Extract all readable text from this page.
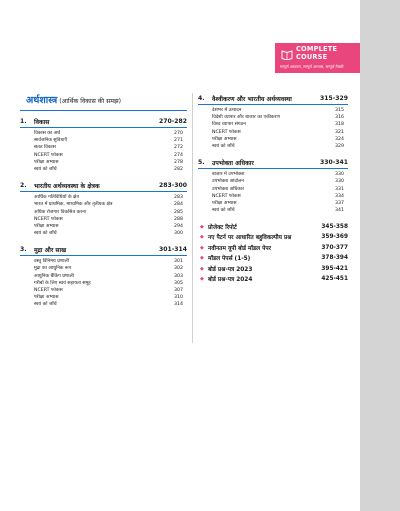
COMPLETE
COURSE
सम्पूर्ण अध्ययन, सम्पूर्ण अभ्यास, सम्पूर्ण तैयारी
अर्थशास्त्र (आर्थिक विकास की समझ)
1.	विकास	270-282
विकास का अर्थ	270
सार्वजनिक सुविधाएँ	271
सतत विकास	272
NCERT फोकस	274
परीक्षा अभ्यास	278
स्वयं को जाँचें	282
2.	भारतीय अर्थव्यवस्था के क्षेत्रक	283-300
आर्थिक गतिविधियों के क्षेत्र	283
भारत में प्राथमिक, माध्यमिक और तृतीयक क्षेत्र	284
अधिक रोजगार विकसित करना	285
NCERT फोकस	288
परीक्षा अभ्यास	294
स्वयं को जाँचें	300
3.	मुद्रा और साख	301-314
वस्तु विनिमय प्रणाली	301
मुद्रा का आधुनिक रूप	302
आधुनिक बैंकिंग प्रणाली	303
गरीबों के लिए स्वयं सहायता समूह	305
NCERT फोकस	307
परीक्षा अभ्यास	310
स्वयं को जाँचें	314
4.	वैश्वीकरण और भारतीय अर्थव्यवस्था	315-329
देशभर में उत्पादन	315
विदेशी व्यापार और बाजार का एकीकरण	316
विश्व व्यापार संगठन	318
NCERT फोकस	321
परीक्षा अभ्यास	324
स्वयं को जाँचें	329
5.	उपभोक्ता अधिकार	330-341
बाजार में उपभोक्ता	330
उपभोक्ता आंदोलन	330
उपभोक्ता अधिकार	331
NCERT फोकस	334
परीक्षा अभ्यास	337
स्वयं को जाँचें	341
◆ प्रोजेक्ट रिपोर्ट	345-358
◆ नए पैटर्न पर आधारित बहुविकल्पीय प्रश्न	359-369
◆ नवीनतम यूपी बोर्ड मॉडल पेपर	370-377
◆ मॉडल पेपर्स (1-5)	378-394
◆ बोर्ड प्रश्न-पत्र 2023	395-421
◆ बोर्ड प्रश्न-पत्र 2024	425-451
